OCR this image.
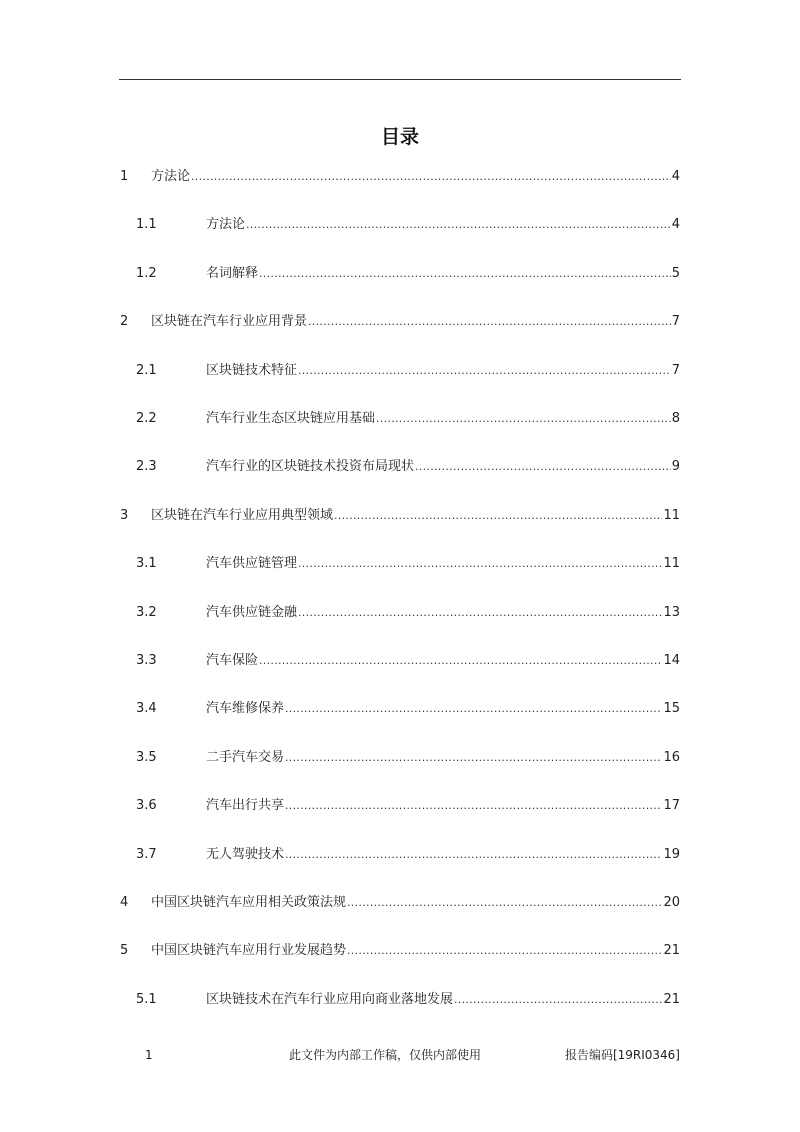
目录
1 方法论 .....	4
1.1	方法论 .....	4
1.2	名词解释 .....	5
2 区块链在汽车行业应用背景 .....	7
2.1	区块链技术特征 .....	7
2.2	汽车行业生态区块链应用基础 .....	8
2.3	汽车行业的区块链技术投资布局现状 .....	9
3 区块链在汽车行业应用典型领域 .....	11
3.1	汽车供应链管理 .....	11
3.2	汽车供应链金融 .....	13
3.3	汽车保险 .....	14
3.4	汽车维修保养 .....	15
3.5	二手汽车交易 .....	16
3.6	汽车出行共享 .....	17
3.7	无人驾驶技术 .....	19
4 中国区块链汽车应用相关政策法规 .....	20
5 中国区块链汽车应用行业发展趋势 .....	21
5.1	区块链技术在汽车行业应用向商业落地发展 .....	21
1	此文件为内部工作稿，仅供内部使用	报告编码[19RI0346]
